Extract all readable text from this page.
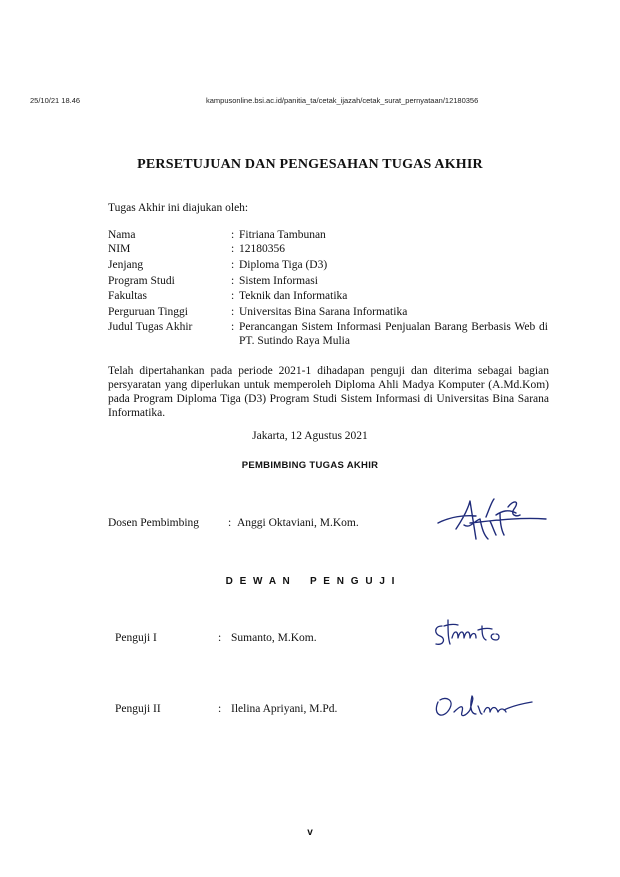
25/10/21 18.46	kampusonline.bsi.ac.id/panitia_ta/cetak_ijazah/cetak_surat_pernyataan/12180356
PERSETUJUAN DAN PENGESAHAN TUGAS AKHIR
Tugas Akhir ini diajukan oleh:
Nama	: Fitriana Tambunan
NIM	: 12180356
Jenjang	: Diploma Tiga (D3)
Program Studi	: Sistem Informasi
Fakultas	: Teknik dan Informatika
Perguruan Tinggi	: Universitas Bina Sarana Informatika
Judul Tugas Akhir	: Perancangan Sistem Informasi Penjualan Barang Berbasis Web di PT. Sutindo Raya Mulia
Telah dipertahankan pada periode 2021-1 dihadapan penguji dan diterima sebagai bagian persyaratan yang diperlukan untuk memperoleh Diploma Ahli Madya Komputer (A.Md.Kom) pada Program Diploma Tiga (D3) Program Studi Sistem Informasi di Universitas Bina Sarana Informatika.
Jakarta, 12 Agustus 2021
PEMBIMBING TUGAS AKHIR
Dosen Pembimbing	: Anggi Oktaviani, M.Kom.
D E W A N   P E N G U J I
Penguji I	: Sumanto, M.Kom.
Penguji II	: Ilelina Apriyani, M.Pd.
v
